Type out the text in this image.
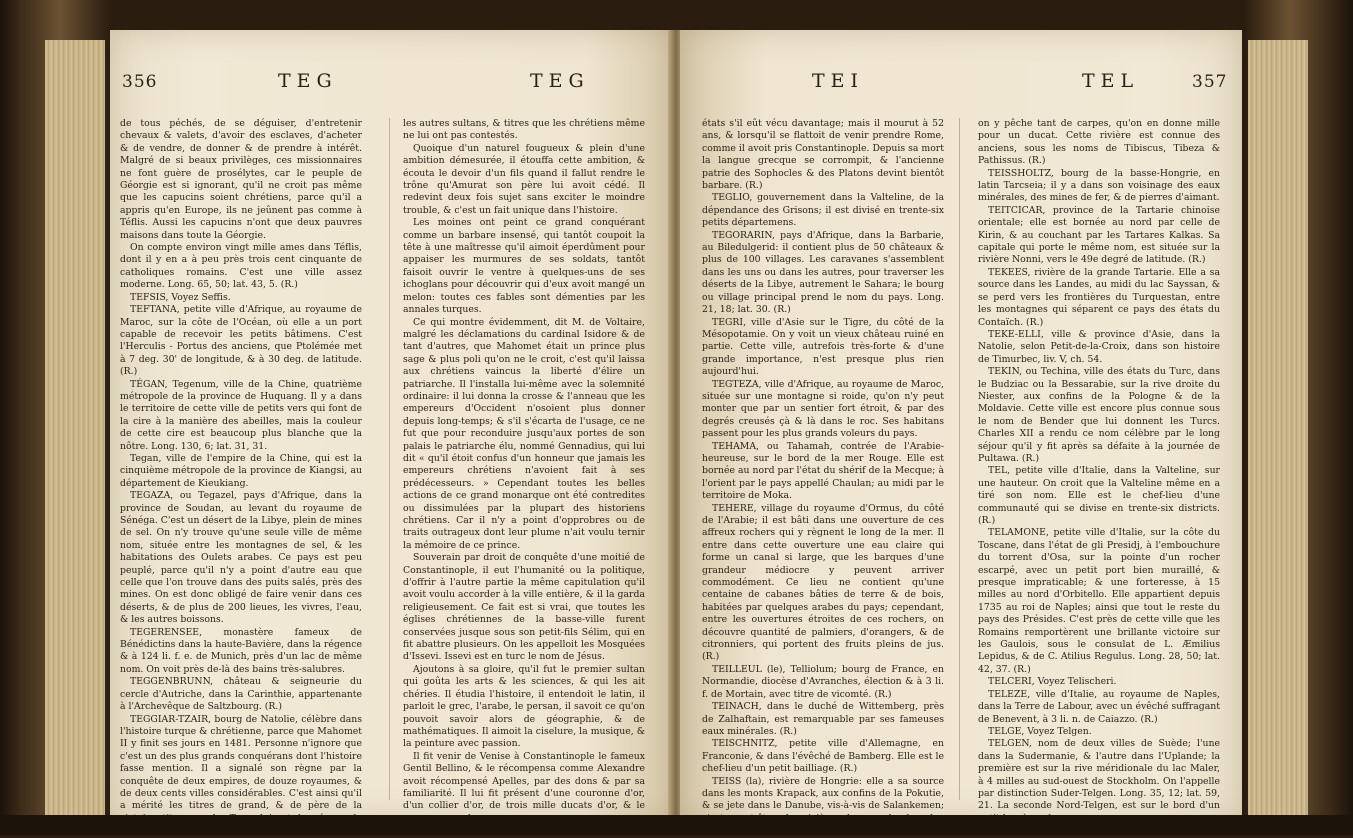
356	TEG	TEG

de tous péchés, de se déguiser, d'entretenir chevaux & valets, d'avoir des esclaves, d'acheter & de vendre, de donner & de prendre à intérêt. Malgré de si beaux privilèges, ces missionnaires ne font guère de prosélytes, car le peuple de Géorgie est si ignorant, qu'il ne croit pas même que les capucins soient chrétiens, parce qu'il a appris qu'en Europe, ils ne jeûnent pas comme à Téflis. Aussi les capucins n'ont que deux pauvres maisons dans toute la Géorgie.

On compte environ vingt mille ames dans Téflis, dont il y en a à peu près trois cent cinquante de catholiques romains. C'est une ville assez moderne. Long. 65, 50; lat. 43, 5. (R.)

TEFSIS, Voyez Seffis.

TEFTANA, petite ville d'Afrique, au royaume de Maroc, sur la côte de l'Océan, où elle a un port capable de recevoir les petits bâtimens. C'est l'Herculis - Portus des anciens, que Ptolémée met à 7 deg. 30' de longitude, & à 30 deg. de latitude. (R.)

TÉGAN, Tegenum, ville de la Chine, quatrième métropole de la province de Huquang. Il y a dans le territoire de cette ville de petits vers qui font de la cire à la manière des abeilles, mais la couleur de cette cire est beaucoup plus blanche que la nôtre. Long. 130, 6; lat. 31, 31.

Tegan, ville de l'empire de la Chine, qui est la cinquième métropole de la province de Kiangsi, au département de Kieukiang.

TEGAZA, ou Tegazel, pays d'Afrique, dans la province de Soudan, au levant du royaume de Sénéga. C'est un désert de la Libye, plein de mines de sel. On n'y trouve qu'une seule ville de même nom, située entre les montagnes de sel, & les habitations des Oulets arabes. Ce pays est peu peuplé, parce qu'il n'y a point d'autre eau que celle que l'on trouve dans des puits salés, près des mines. On est donc obligé de faire venir dans ces déserts, & de plus de 200 lieues, les vivres, l'eau, & les autres boissons.

TEGERENSEE, monastère fameux de Bénédictins dans la haute-Bavière, dans la régence & à 124 li. f. e. de Munich, près d'un lac de même nom. On voit près de-là des bains très-salubres.

TEGGENBRUNN, château & seigneurie du cercle d'Autriche, dans la Carinthie, appartenante à l'Archevêque de Saltzbourg. (R.)

TEGGIAR-TZAIR, bourg de Natolie, célèbre dans l'histoire turque & chrétienne, parce que Mahomet II y finit ses jours en 1481. Personne n'ignore que c'est un des plus grands conquérans dont l'histoire fasse mention. Il a signalé son règne par la conquête de deux empires, de douze royaumes, & de deux cents villes considérables. C'est ainsi qu'il a mérité les titres de grand, & de père de la

les autres sultans, & titres que les chrétiens même ne lui ont pas contestés.

Quoique d'un naturel fougueux & plein d'une ambition démesurée, il étouffa cette ambition, & écouta le devoir d'un fils quand il fallut rendre le trône qu'Amurat son père lui avoit cédé. Il redevint deux fois sujet sans exciter le moindre trouble, & c'est un fait unique dans l'histoire.

Les moines ont peint ce grand conquérant comme un barbare insensé, qui tantôt coupoit la tête à une maîtresse qu'il aimoit éperdûment pour appaiser les murmures de ses soldats, tantôt faisoit ouvrir le ventre à quelques-uns de ses ichoglans pour découvrir qui d'eux avoit mangé un melon: toutes ces fables sont démenties par les annales turques.

Ce qui montre évidemment, dit M. de Voltaire, malgré les déclamations du cardinal Isidore & de tant d'autres, que Mahomet était un prince plus sage & plus poli qu'on ne le croit, c'est qu'il laissa aux chrétiens vaincus la liberté d'élire un patriarche. Il l'installa lui-même avec la solemnité ordinaire: il lui donna la crosse & l'anneau que les empereurs d'Occident n'osoient plus donner depuis long-temps; & s'il s'écarta de l'usage, ce ne fut que pour reconduire jusqu'aux portes de son palais le patriarche élu, nommé Gennadius, qui lui dit « qu'il étoit confus d'un honneur que jamais les empereurs chrétiens n'avoient fait à ses prédécesseurs. » Cependant toutes les belles actions de ce grand monarque ont été contredites ou dissimulées par la plupart des historiens chrétiens. Car il n'y a point d'opprobres ou de traits outrageux dont leur plume n'ait voulu ternir la mémoire de ce prince.

Souverain par droit de conquête d'une moitié de Constantinople, il eut l'humanité ou la politique, d'offrir à l'autre partie la même capitulation qu'il avoit voulu accorder à la ville entière, & il la garda religieusement. Ce fait est si vrai, que toutes les églises chrétiennes de la basse-ville furent conservées jusque sous son petit-fils Sélim, qui en fit abattre plusieurs. On les appelloit les Mosquées d'Issevi. Issevi est en turc le nom de Jésus.

Ajoutons à sa gloire, qu'il fut le premier sultan qui goûta les arts & les sciences, & qui les ait chéries. Il étudia l'histoire, il entendoit le latin, il parloit le grec, l'arabe, le persan, il savoit ce qu'on pouvoit savoir alors de géographie, & de mathématiques. Il aimoit la ciselure, la musique, & la peinture avec passion.

Il fit venir de Venise à Constantinople le fameux Gentil Bellino, & le récompensa comme Alexandre avoit récompensé Apelles, par des dons & par sa familiarité. Il lui fit présent d'une couronne d'or, d'un collier d'or, de trois mille ducats d'or, & le

TEI	TEL	357

états s'il eût vécu davantage; mais il mourut à 52 ans, & lorsqu'il se flattoit de venir prendre Rome, comme il avoit pris Constantinople. Depuis sa mort la langue grecque se corrompit, & l'ancienne patrie des Sophocles & des Platons devint bientôt barbare. (R.)

TEGLIO, gouvernement dans la Valteline, de la dépendance des Grisons; il est divisé en trente-six petits départemens.

TEGORARIN, pays d'Afrique, dans la Barbarie, au Biledulgerid: il contient plus de 50 châteaux & plus de 100 villages. Les caravanes s'assemblent dans les uns ou dans les autres, pour traverser les déserts de la Libye, autrement le Sahara; le bourg ou village principal prend le nom du pays. Long. 21, 18; lat. 30. (R.)

TEGRI, ville d'Asie sur le Tigre, du côté de la Mésopotamie. On y voit un vieux château ruiné en partie. Cette ville, autrefois très-forte & d'une grande importance, n'est presque plus rien aujourd'hui.

TEGTEZA, ville d'Afrique, au royaume de Maroc, située sur une montagne si roide, qu'on n'y peut monter que par un sentier fort étroit, & par des degrés creusés çà & là dans le roc. Ses habitans passent pour les plus grands voleurs du pays.

TEHAMA, ou Tahamah, contrée de l'Arabie-heureuse, sur le bord de la mer Rouge. Elle est bornée au nord par l'état du shérif de la Mecque; à l'orient par le pays appellé Chaulan; au midi par le territoire de Moka.

TEHERE, village du royaume d'Ormus, du côté de l'Arabie; il est bâti dans une ouverture de ces affreux rochers qui y règnent le long de la mer. Il entre dans cette ouverture une eau claire qui forme un canal si large, que les barques d'une grandeur médiocre y peuvent arriver commodément. Ce lieu ne contient qu'une centaine de cabanes bâties de terre & de bois, habitées par quelques arabes du pays; cependant, entre les ouvertures étroites de ces rochers, on découvre quantité de palmiers, d'orangers, & de citronniers, qui portent des fruits pleins de jus. (R.)

TEILLEUL (le), Telliolum; bourg de France, en Normandie, diocèse d'Avranches, élection & à 3 li. f. de Mortain, avec titre de vicomté. (R.)

TEINACH, dans le duché de Wittemberg, près de Zalhaftain, est remarquable par ses fameuses eaux minérales. (R.)

TEISCHNITZ, petite ville d'Allemagne, en Franconie, & dans l'évêché de Bamberg. Elle est le chef-lieu d'un petit bailliage. (R.)

TEISS (la), rivière de Hongrie: elle a sa source dans les monts Krapack, aux confins de la Pokutie, & se jete dans le Danube, vis-à-vis de Salankemen;

on y pêche tant de carpes, qu'on en donne mille pour un ducat. Cette rivière est connue des anciens, sous les noms de Tibiscus, Tibeza & Pathissus. (R.)

TEISSHOLTZ, bourg de la basse-Hongrie, en latin Tarcseia; il y a dans son voisinage des eaux minérales, des mines de fer, & de pierres d'aimant.

TEITCICAR, province de la Tartarie chinoise orientale; elle est bornée au nord par celle de Kirin, & au couchant par les Tartares Kalkas. Sa capitale qui porte le même nom, est située sur la rivière Nonni, vers le 49e degré de latitude. (R.)

TEKEES, rivière de la grande Tartarie. Elle a sa source dans les Landes, au midi du lac Sayssan, & se perd vers les frontières du Turquestan, entre les montagnes qui séparent ce pays des états du Contaïch. (R.)

TEKE-ELLI, ville & province d'Asie, dans la Natolie, selon Petit-de-la-Croix, dans son histoire de Timurbec, liv. V, ch. 54.

TEKIN, ou Techina, ville des états du Turc, dans le Budziac ou la Bessarabie, sur la rive droite du Niester, aux confins de la Pologne & de la Moldavie. Cette ville est encore plus connue sous le nom de Bender que lui donnent les Turcs. Charles XII a rendu ce nom célèbre par le long séjour qu'il y fit après sa défaite à la journée de Pultawa. (R.)

TEL, petite ville d'Italie, dans la Valteline, sur une hauteur. On croit que la Valteline même en a tiré son nom. Elle est le chef-lieu d'une communauté qui se divise en trente-six districts. (R.)

TELAMONE, petite ville d'Italie, sur la côte du Toscane, dans l'état de gli Presidj, à l'embouchure du torrent d'Osa, sur la pointe d'un rocher escarpé, avec un petit port bien muraillé, & presque impraticable; & une forteresse, à 15 milles au nord d'Orbitello. Elle appartient depuis 1735 au roi de Naples; ainsi que tout le reste du pays des Présides. C'est près de cette ville que les Romains remportèrent une brillante victoire sur les Gaulois, sous le consulat de L. Æmilius Lepidus, & de C. Atilius Regulus. Long. 28, 50; lat. 42, 37. (R.)

TELCERI, Voyez Telischeri.

TELEZE, ville d'Italie, au royaume de Naples, dans la Terre de Labour, avec un évêché suffragant de Benevent, à 3 li. n. de Caiazzo. (R.)

TELGE, Voyez Telgen.

TELGEN, nom de deux villes de Suède; l'une dans la Sudermanie, & l'autre dans l'Uplande; la première est sur la rive méridionale du lac Maler, à 4 milles au sud-ouest de Stockholm. On l'appelle par distinction Suder-Telgen. Long. 35, 12; lat. 59, 21. La seconde Nord-Telgen, est sur le bord d'un
